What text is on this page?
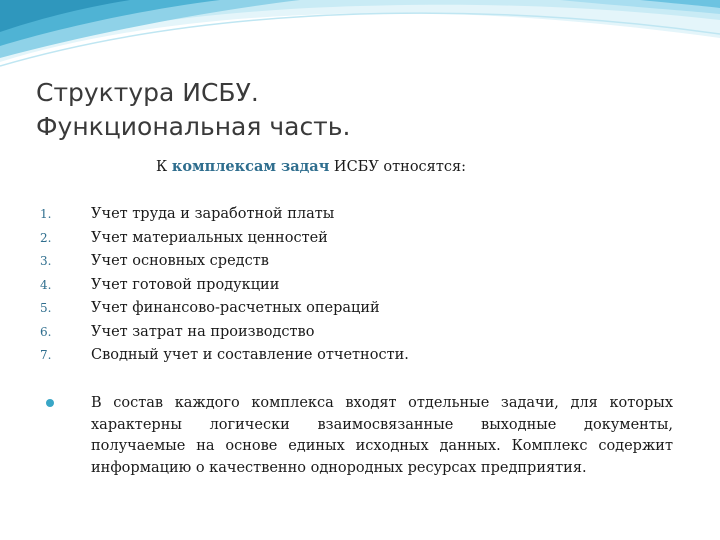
Структура ИСБУ.
Функциональная часть.
К комплексам задач ИСБУ относятся:
1.	Учет труда и заработной платы
2.	Учет материальных ценностей
3.	Учет основных средств
4.	Учет готовой продукции
5.	Учет финансово-расчетных операций
6.	Учет затрат на производство
7.	Сводный учет и составление отчетности.
В состав каждого комплекса входят отдельные задачи, для которых характерны логически взаимосвязанные выходные документы, получаемые на основе единых исходных данных. Комплекс содержит информацию о качественно однородных ресурсах предприятия.
